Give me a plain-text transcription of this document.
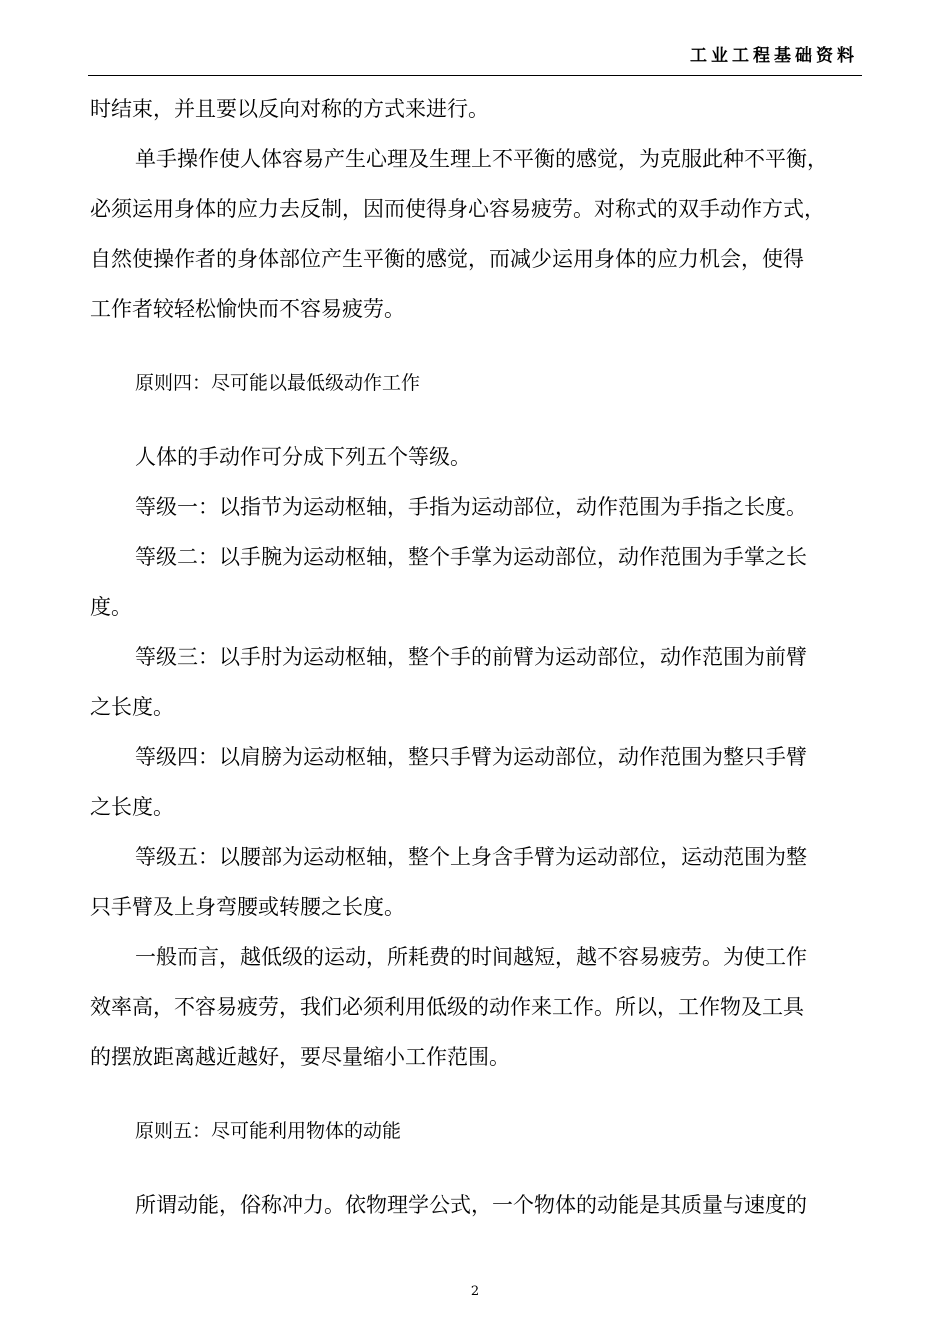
工业工程基础资料
时结束，并且要以反向对称的方式来进行。
单手操作使人体容易产生心理及生理上不平衡的感觉，为克服此种不平衡，
必须运用身体的应力去反制，因而使得身心容易疲劳。对称式的双手动作方式，
自然使操作者的身体部位产生平衡的感觉，而减少运用身体的应力机会，使得
工作者较轻松愉快而不容易疲劳。
原则四：尽可能以最低级动作工作
人体的手动作可分成下列五个等级。
等级一：以指节为运动枢轴，手指为运动部位，动作范围为手指之长度。
等级二：以手腕为运动枢轴，整个手掌为运动部位，动作范围为手掌之长
度。
等级三：以手肘为运动枢轴，整个手的前臂为运动部位，动作范围为前臂
之长度。
等级四：以肩膀为运动枢轴，整只手臂为运动部位，动作范围为整只手臂
之长度。
等级五：以腰部为运动枢轴，整个上身含手臂为运动部位，运动范围为整
只手臂及上身弯腰或转腰之长度。
一般而言，越低级的运动，所耗费的时间越短，越不容易疲劳。为使工作
效率高，不容易疲劳，我们必须利用低级的动作来工作。所以，工作物及工具
的摆放距离越近越好，要尽量缩小工作范围。
原则五：尽可能利用物体的动能
所谓动能，俗称冲力。依物理学公式，一个物体的动能是其质量与速度的
2
